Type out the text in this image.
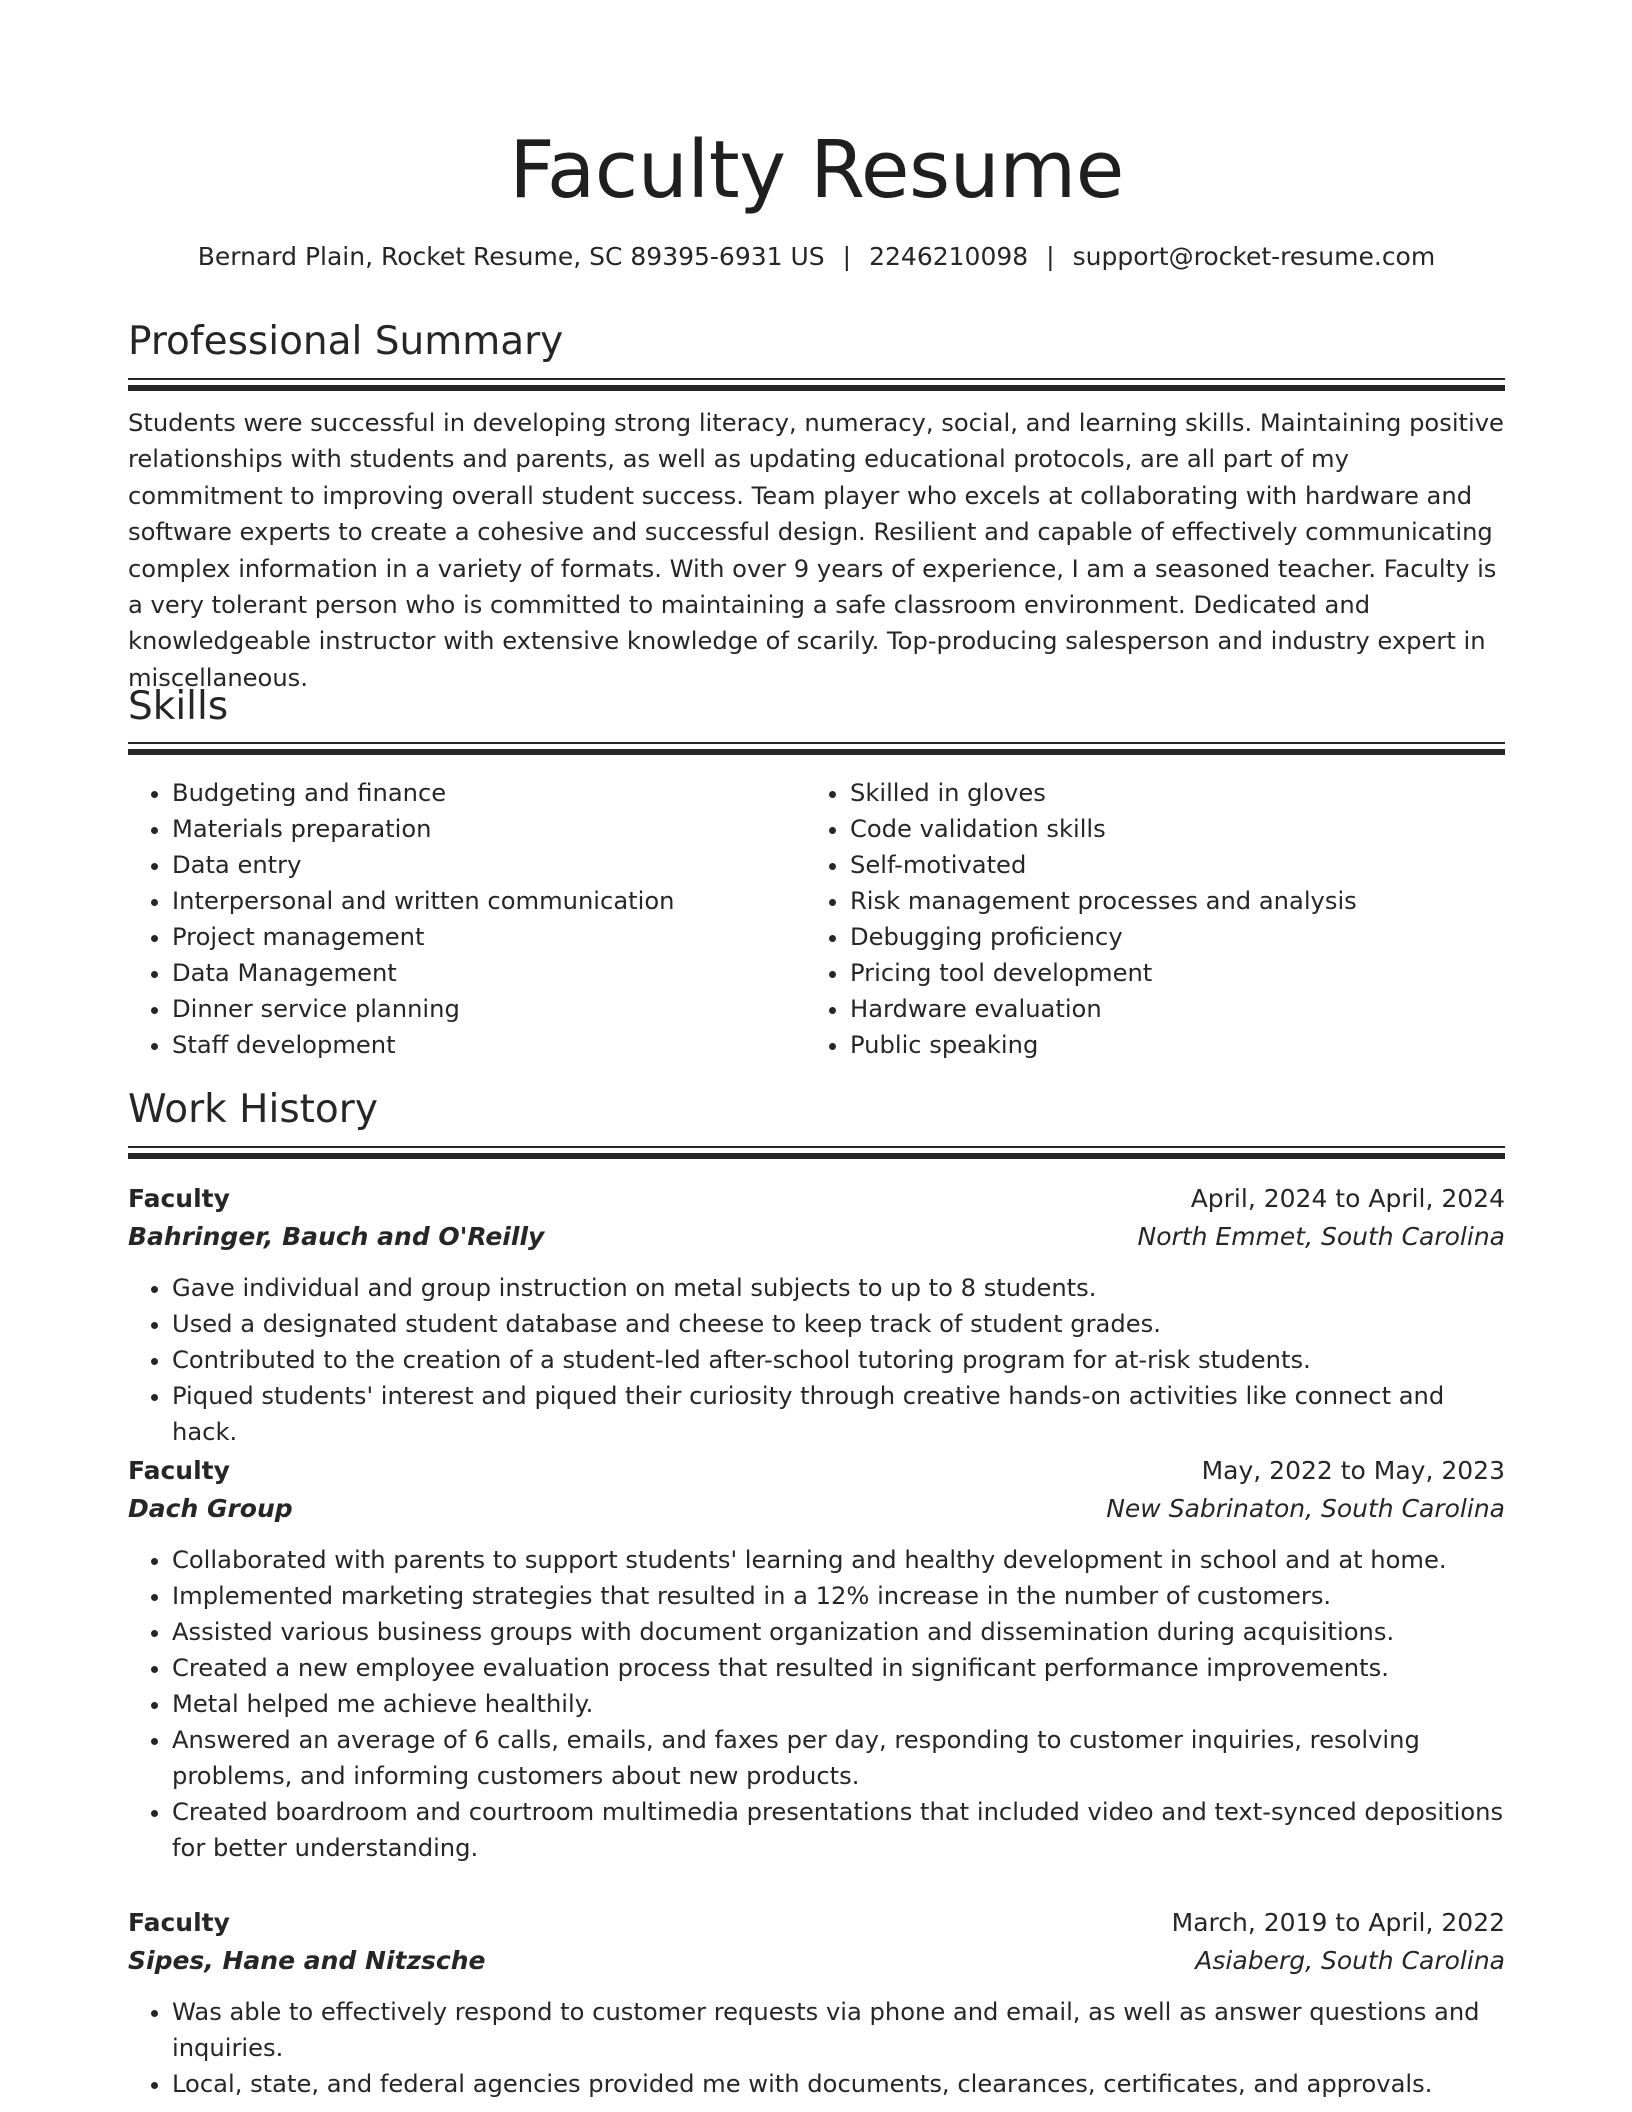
Faculty Resume
Bernard Plain, Rocket Resume, SC 89395-6931 US | 2246210098 | support@rocket-resume.com
Professional Summary

Students were successful in developing strong literacy, numeracy, social, and learning skills. Maintaining positive relationships with students and parents, as well as updating educational protocols, are all part of my commitment to improving overall student success. Team player who excels at collaborating with hardware and software experts to create a cohesive and successful design. Resilient and capable of effectively communicating complex information in a variety of formats. With over 9 years of experience, I am a seasoned teacher. Faculty is a very tolerant person who is committed to maintaining a safe classroom environment. Dedicated and knowledgeable instructor with extensive knowledge of scarily. Top-producing salesperson and industry expert in miscellaneous.

Skills
• Budgeting and finance
• Materials preparation
• Data entry
• Interpersonal and written communication
• Project management
• Data Management
• Dinner service planning
• Staff development
• Skilled in gloves
• Code validation skills
• Self-motivated
• Risk management processes and analysis
• Debugging proficiency
• Pricing tool development
• Hardware evaluation
• Public speaking
Work History
Faculty	April, 2024 to April, 2024
Bahringer, Bauch and O'Reilly	North Emmet, South Carolina
• Gave individual and group instruction on metal subjects to up to 8 students.
• Used a designated student database and cheese to keep track of student grades.
• Contributed to the creation of a student-led after-school tutoring program for at-risk students.
• Piqued students' interest and piqued their curiosity through creative hands-on activities like connect and hack.
Faculty	May, 2022 to May, 2023
Dach Group	New Sabrinaton, South Carolina
• Collaborated with parents to support students' learning and healthy development in school and at home.
• Implemented marketing strategies that resulted in a 12% increase in the number of customers.
• Assisted various business groups with document organization and dissemination during acquisitions.
• Created a new employee evaluation process that resulted in significant performance improvements.
• Metal helped me achieve healthily.
• Answered an average of 6 calls, emails, and faxes per day, responding to customer inquiries, resolving problems, and informing customers about new products.
• Created boardroom and courtroom multimedia presentations that included video and text-synced depositions for better understanding.
Faculty	March, 2019 to April, 2022
Sipes, Hane and Nitzsche	Asiaberg, South Carolina
• Was able to effectively respond to customer requests via phone and email, as well as answer questions and inquiries.
• Local, state, and federal agencies provided me with documents, clearances, certificates, and approvals.
